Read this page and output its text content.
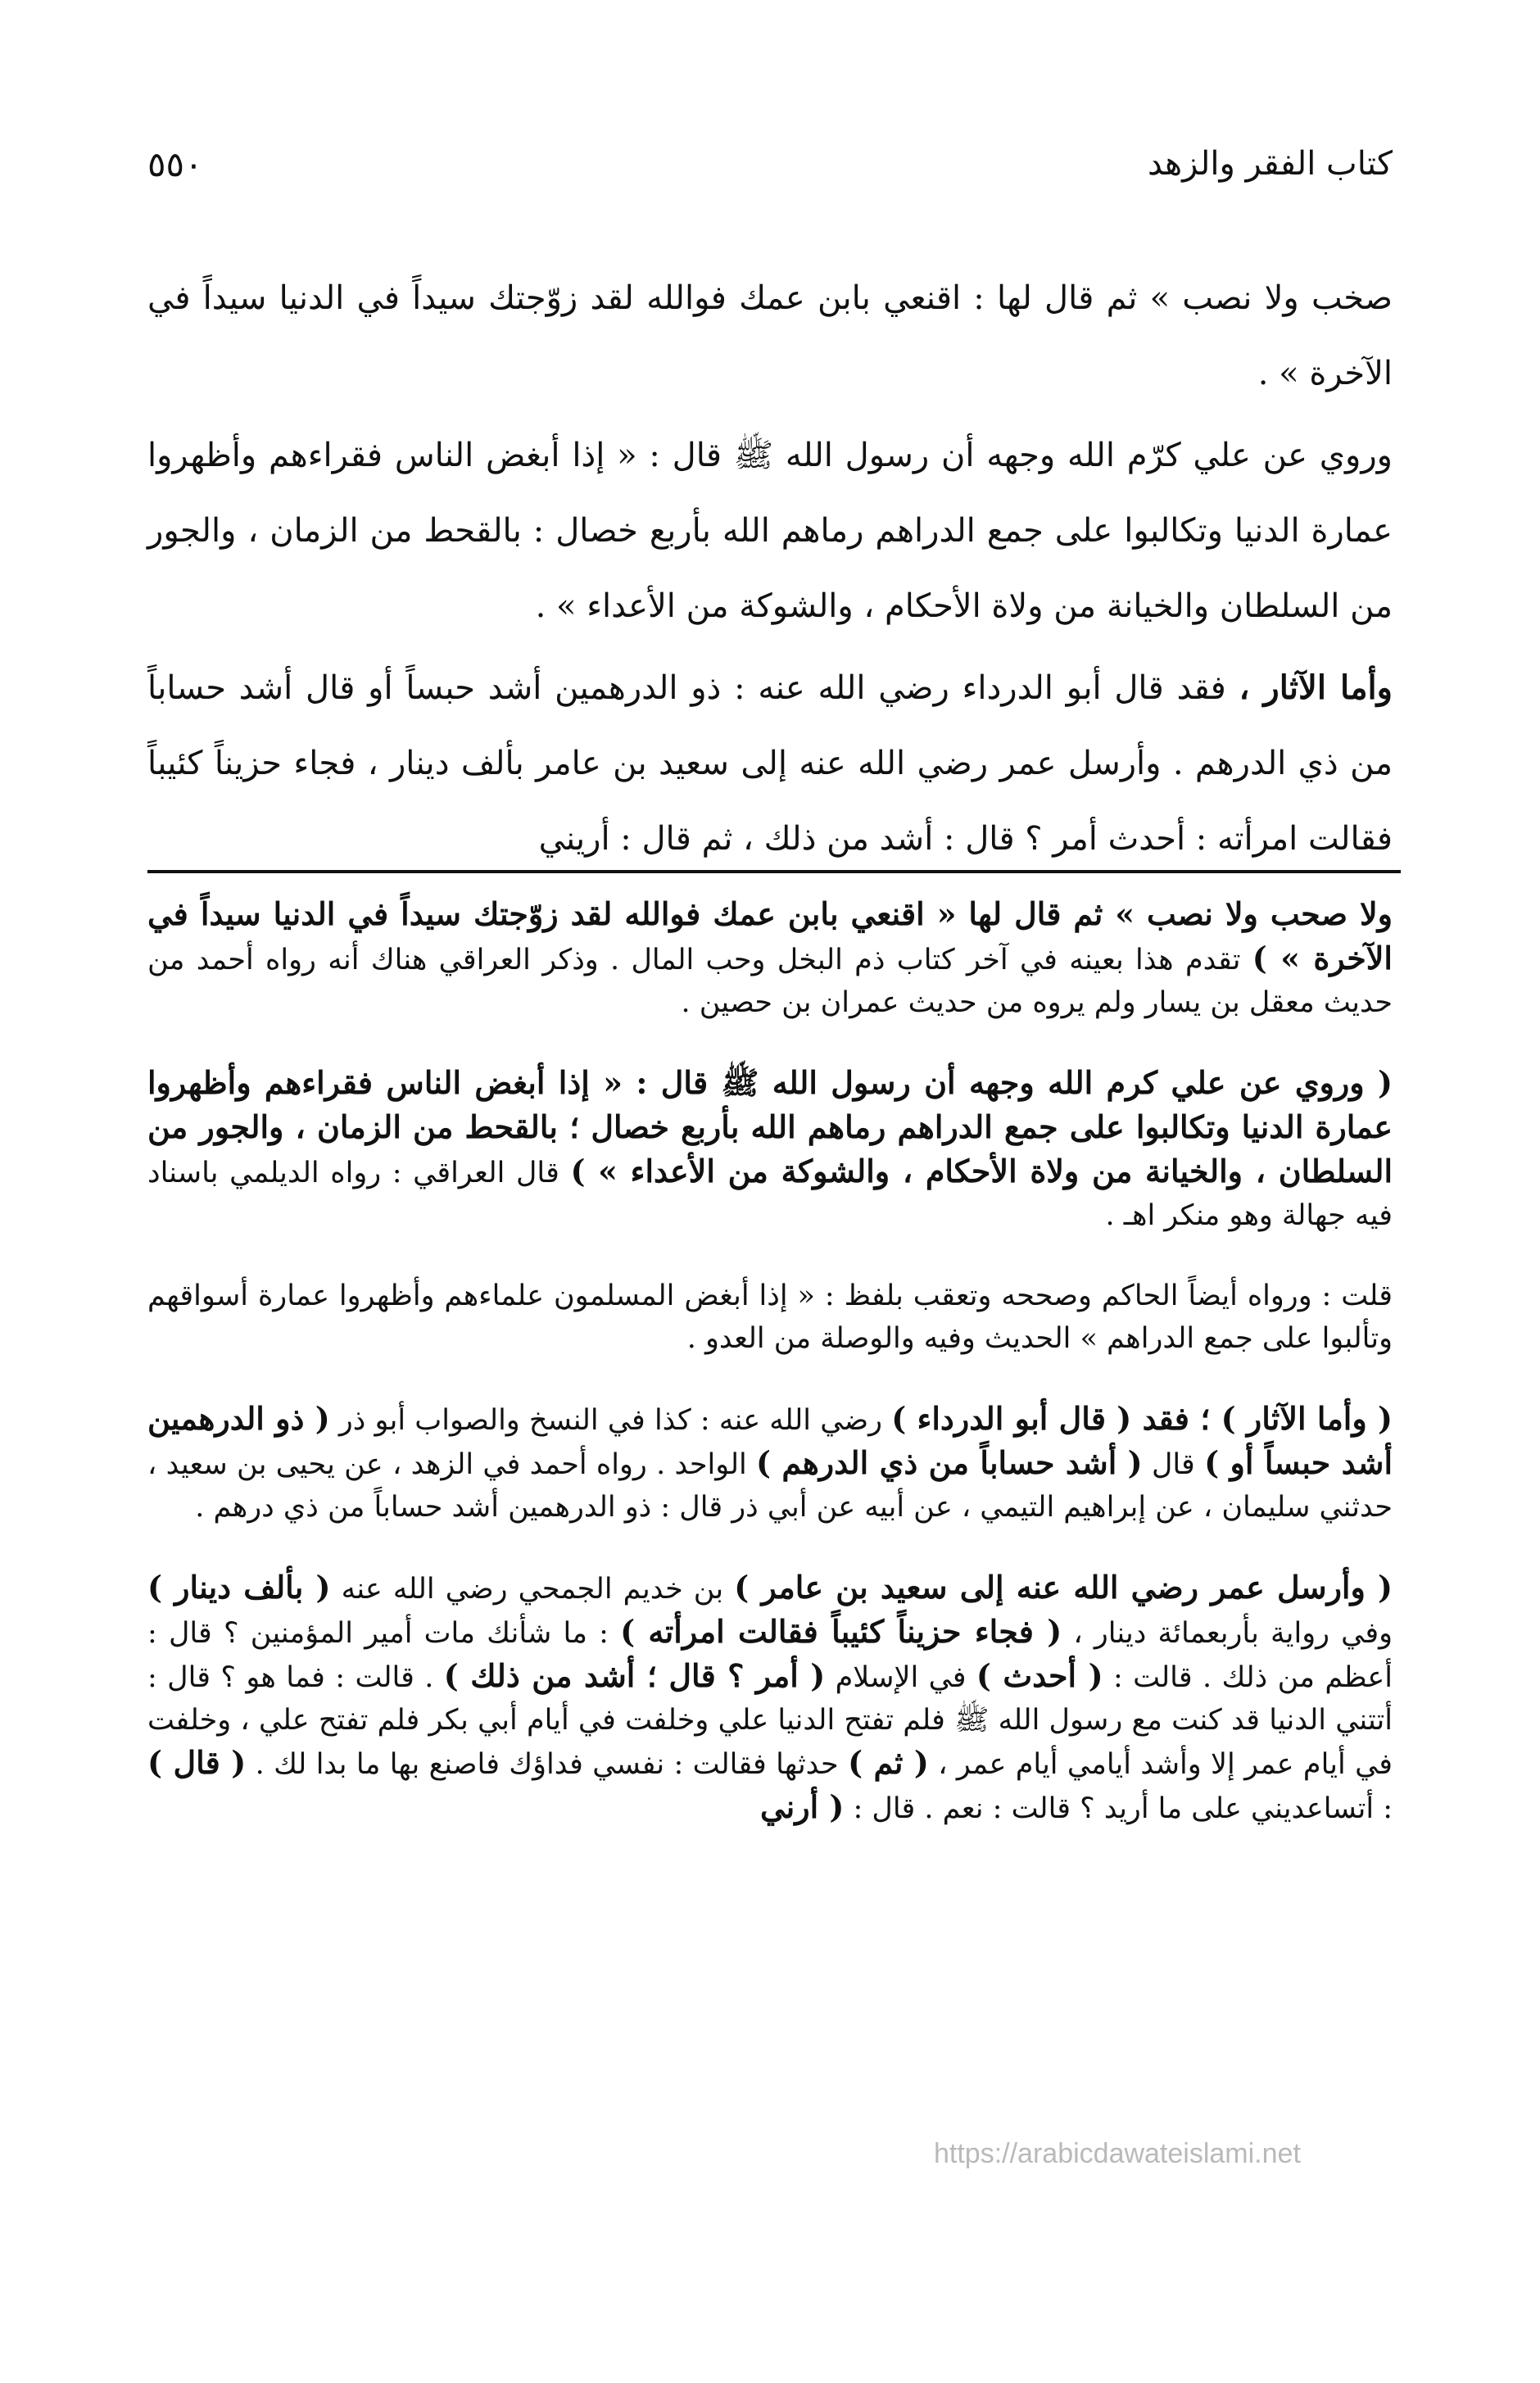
كتاب الفقر والزهد
٥٥٠

صخب ولا نصب » ثم قال لها : اقنعي بابن عمك فوالله لقد زوّجتك سيداً في الدنيا سيداً في الآخرة » .

وروي عن علي كرّم الله وجهه أن رسول الله ﷺ قال : « إذا أبغض الناس فقراءهم وأظهروا عمارة الدنيا وتكالبوا على جمع الدراهم رماهم الله بأربع خصال : بالقحط من الزمان ، والجور من السلطان والخيانة من ولاة الأحكام ، والشوكة من الأعداء » .

وأما الآثار ، فقد قال أبو الدرداء رضي الله عنه : ذو الدرهمين أشد حبساً أو قال أشد حساباً من ذي الدرهم . وأرسل عمر رضي الله عنه إلى سعيد بن عامر بألف دينار ، فجاء حزيناً كئيباً فقالت امرأته : أحدث أمر ؟ قال : أشد من ذلك ، ثم قال : أريني

ولا صحب ولا نصب » ثم قال لها « اقنعي بابن عمك فوالله لقد زوّجتك سيداً في الدنيا سيداً في الآخرة » ) تقدم هذا بعينه في آخر كتاب ذم البخل وحب المال . وذكر العراقي هناك أنه رواه أحمد من حديث معقل بن يسار ولم يروه من حديث عمران بن حصين .

( وروي عن علي كرم الله وجهه أن رسول الله ﷺ قال : « إذا أبغض الناس فقراءهم وأظهروا عمارة الدنيا وتكالبوا على جمع الدراهم رماهم الله بأربع خصال ؛ بالقحط من الزمان ، والجور من السلطان ، والخيانة من ولاة الأحكام ، والشوكة من الأعداء » ) قال العراقي : رواه الديلمي باسناد فيه جهالة وهو منكر اهـ .

قلت : ورواه أيضاً الحاكم وصححه وتعقب بلفظ : « إذا أبغض المسلمون علماءهم وأظهروا عمارة أسواقهم وتألبوا على جمع الدراهم » الحديث وفيه والوصلة من العدو .

( وأما الآثار ) ؛ فقد ( قال أبو الدرداء ) رضي الله عنه : كذا في النسخ والصواب أبو ذر ( ذو الدرهمين أشد حبساً أو ) قال ( أشد حساباً من ذي الدرهم ) الواحد . رواه أحمد في الزهد ، عن يحيى بن سعيد ، حدثني سليمان ، عن إبراهيم التيمي ، عن أبيه عن أبي ذر قال : ذو الدرهمين أشد حساباً من ذي درهم .

( وأرسل عمر رضي الله عنه إلى سعيد بن عامر ) بن خديم الجمحي رضي الله عنه ( بألف دينار ) وفي رواية بأربعمائة دينار ، ( فجاء حزيناً كئيباً فقالت امرأته ) : ما شأنك مات أمير المؤمنين ؟ قال : أعظم من ذلك . قالت : ( أحدث ) في الإسلام ( أمر ؟ قال ؛ أشد من ذلك ) . قالت : فما هو ؟ قال : أتتني الدنيا قد كنت مع رسول الله ﷺ فلم تفتح الدنيا علي وخلفت في أيام أبي بكر فلم تفتح علي ، وخلفت في أيام عمر إلا وأشد أيامي أيام عمر ، ( ثم ) حدثها فقالت : نفسي فداؤك فاصنع بها ما بدا لك . ( قال ) : أتساعديني على ما أريد ؟ قالت : نعم . قال : ( أرني

https://arabicdawateislami.net
